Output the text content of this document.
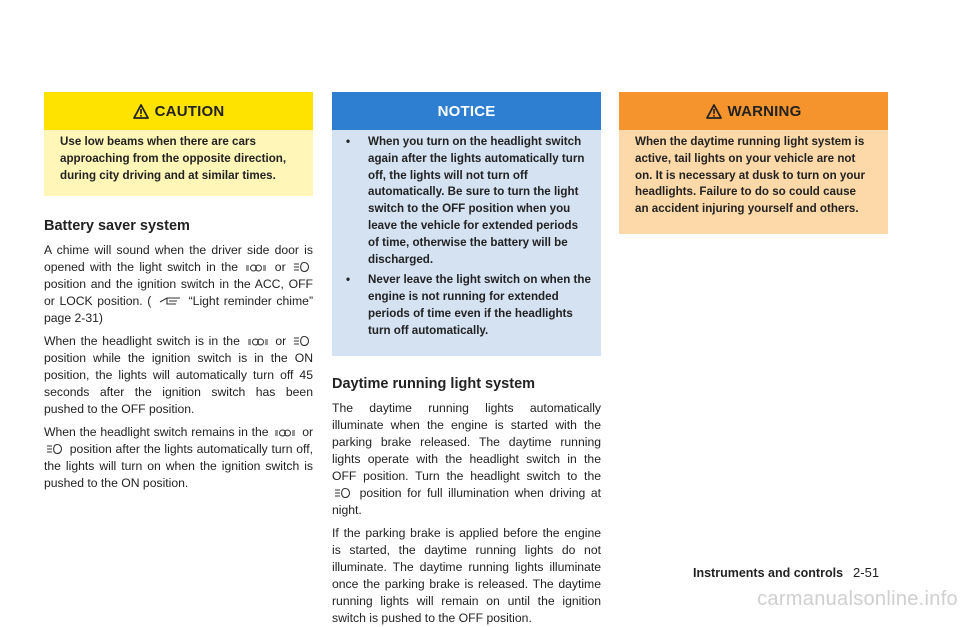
CAUTION
Use low beams when there are cars approaching from the opposite direction, during city driving and at similar times.
Battery saver system

A chime will sound when the driver side door is opened with the light switch in the	or  position and the ignition switch in the ACC, OFF or LOCK position. (	“Light reminder chime” page 2-31)

When the headlight switch is in the	or  position while the ignition switch is in the ON position, the lights will automatically turn off 45 seconds after the ignition switch has been pushed to the OFF position.

When the headlight switch remains in the	or  position after the lights automatically turn off, the lights will turn on when the ignition switch is pushed to the ON position.

NOTICE
•	When you turn on the headlight switch again after the lights automatically turn off, the lights will not turn off automatically. Be sure to turn the light switch to the OFF position when you leave the vehicle for extended periods of time, otherwise the battery will be discharged.
•	Never leave the light switch on when the engine is not running for extended periods of time even if the headlights turn off automatically.
Daytime running light system

The daytime running lights automatically illuminate when the engine is started with the parking brake released. The daytime running lights operate with the headlight switch in the OFF position. Turn the headlight switch to the  position for full illumination when driving at night.

If the parking brake is applied before the engine is started, the daytime running lights do not illuminate. The daytime running lights illuminate once the parking brake is released. The daytime running lights will remain on until the ignition switch is pushed to the OFF position.

WARNING
When the daytime running light system is active, tail lights on your vehicle are not on. It is necessary at dusk to turn on your headlights. Failure to do so could cause an accident injuring yourself and others.
Instruments and controls 2-51
carmanualsonline.info
